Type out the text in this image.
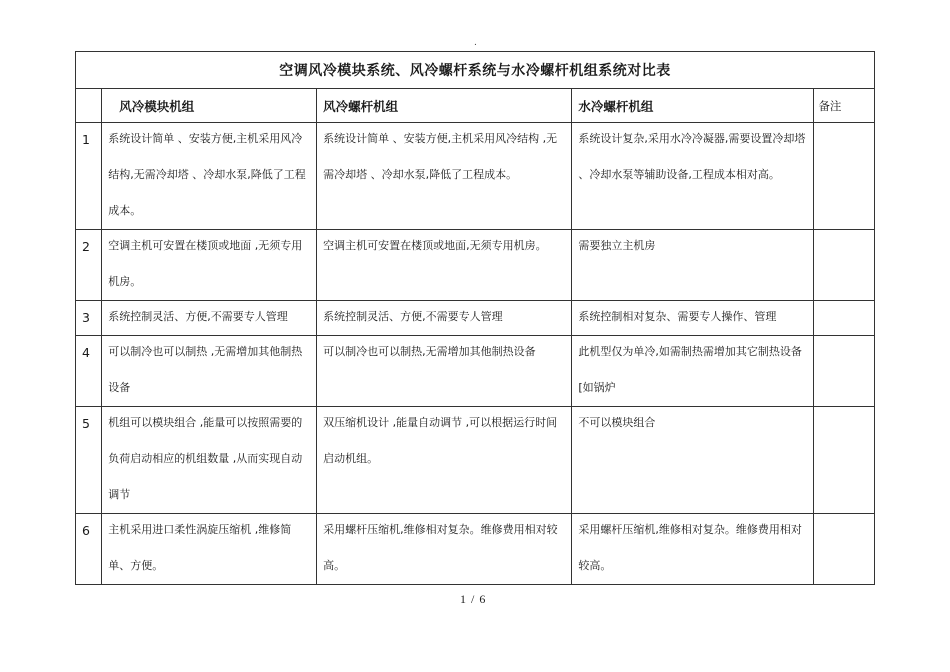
.
空调风冷模块系统、风冷螺杆系统与水冷螺杆机组系统对比表				
	风冷模块机组	风冷螺杆机组	水冷螺杆机组	备注
1	系统设计简单 、安装方便,主机采用风冷结构,无需冷却塔 、冷却水泵,降低了工程成本。	系统设计简单 、安装方便,主机采用风冷结构 ,无需冷却塔 、冷却水泵,降低了工程成本。	系统设计复杂,采用水冷冷凝器,需要设置冷却塔 、冷却水泵等辅助设备,工程成本相对高。	

2	空调主机可安置在楼顶或地面 ,无须专用机房。	空调主机可安置在楼顶或地面,无须专用机房。	需要独立主机房	

3	系统控制灵活、方便,不需要专人管理	系统控制灵活、方便,不需要专人管理	系统控制相对复杂、需要专人操作、管理	

4	可以制冷也可以制热 ,无需增加其他制热设备	可以制冷也可以制热,无需增加其他制热设备	此机型仅为单冷,如需制热需增加其它制热设备[如锅炉	

5	机组可以模块组合 ,能量可以按照需要的负荷启动相应的机组数量 ,从而实现自动调节	双压缩机设计 ,能量自动调节 ,可以根据运行时间启动机组。	不可以模块组合	

6	主机采用进口柔性涡旋压缩机 ,维修简单、方便。	采用螺杆压缩机,维修相对复杂。维修费用相对较高。	采用螺杆压缩机,维修相对复杂。维修费用相对较高。	

1 / 6
